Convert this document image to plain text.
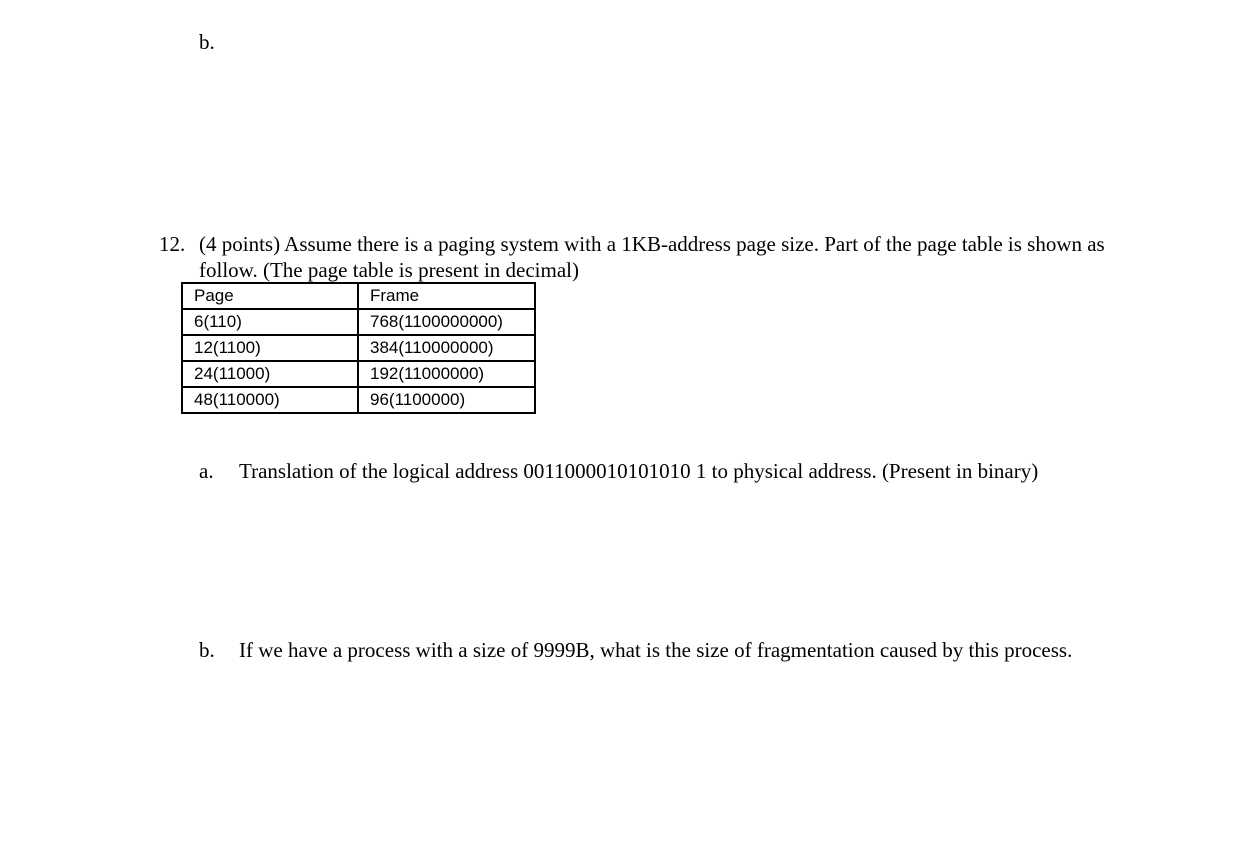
b.
12. (4 points) Assume there is a paging system with a 1KB-address page size. Part of the page table is shown as
follow. (The page table is present in decimal)
Page	Frame
6(110)	768(1100000000)
12(1100)	384(110000000)
24(11000)	192(11000000)
48(110000)	96(1100000)
a. Translation of the logical address 0011000010101010 1 to physical address. (Present in binary)
b. If we have a process with a size of 9999B, what is the size of fragmentation caused by this process.
